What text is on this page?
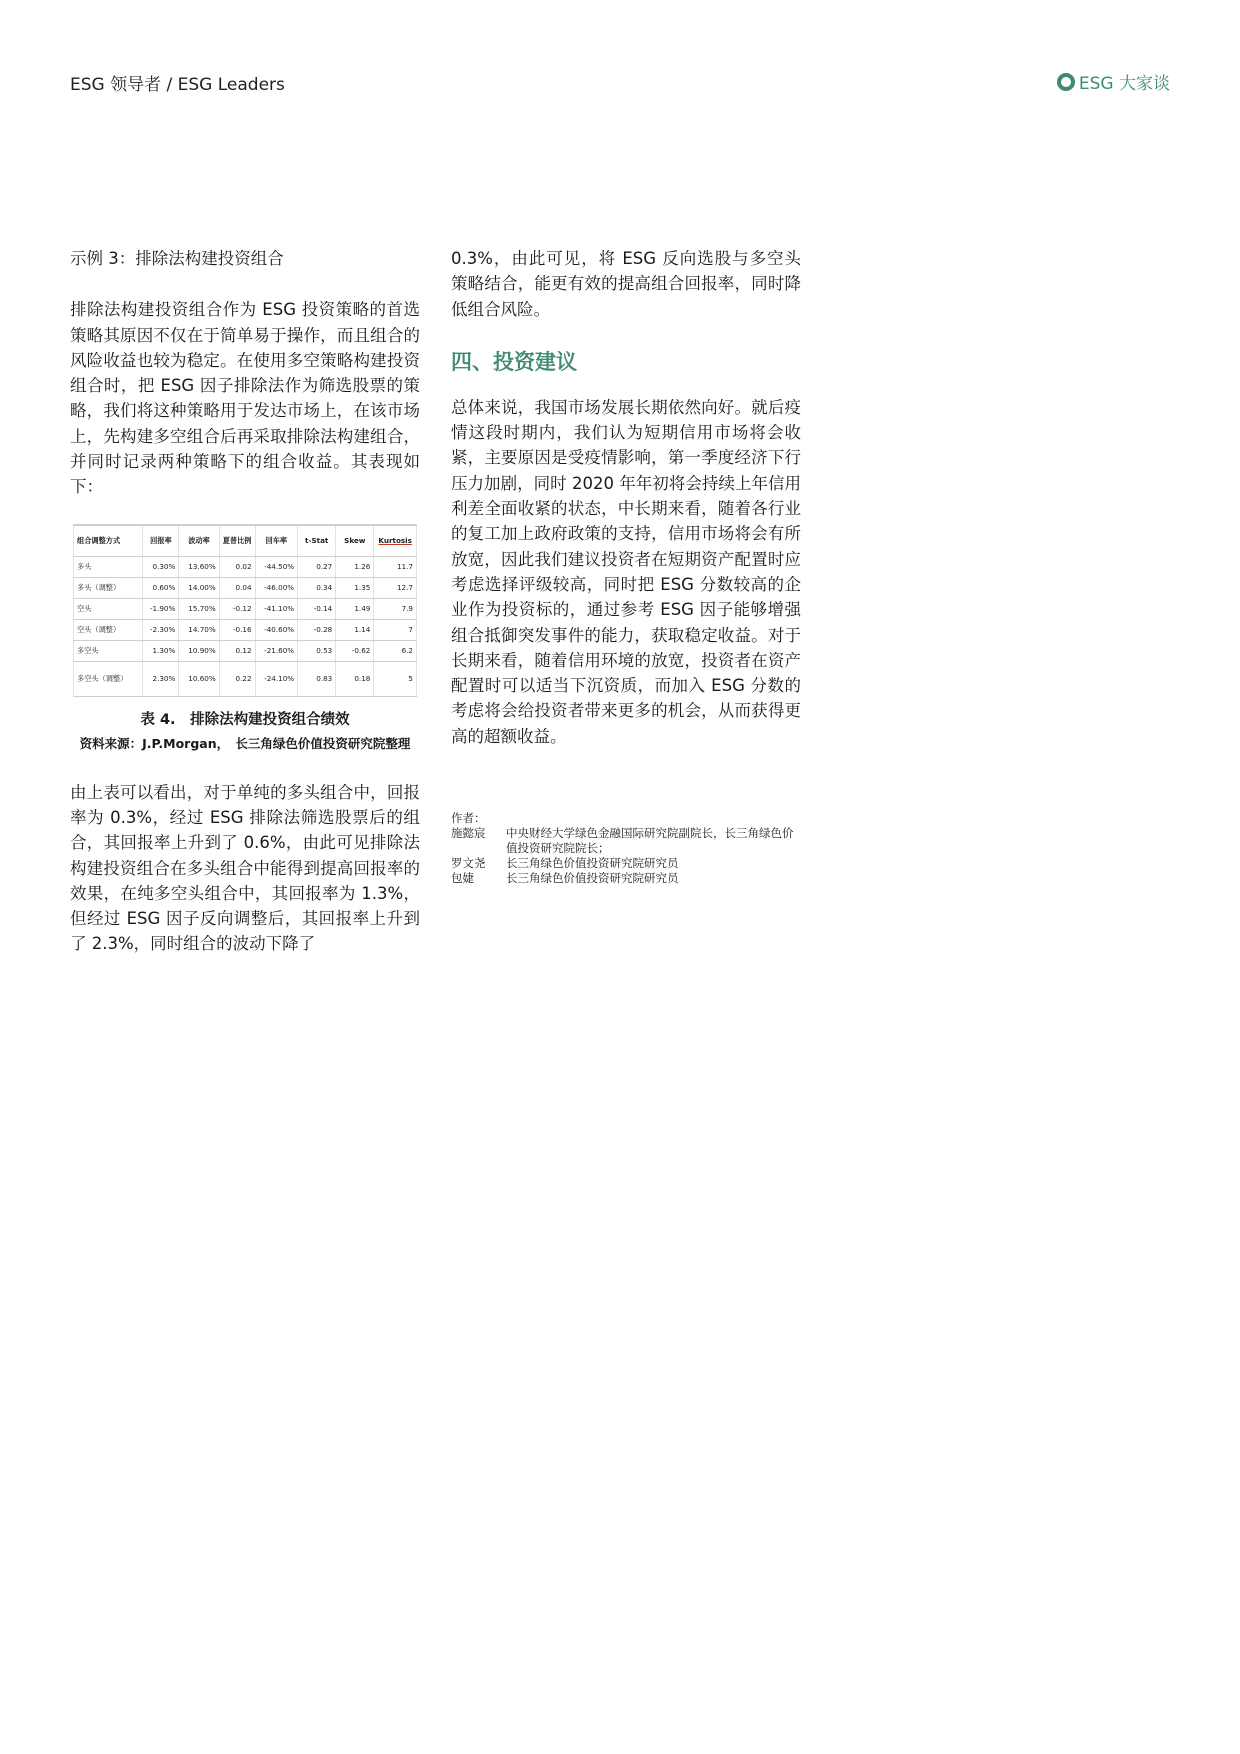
ESG 领导者 / ESG Leaders	ESG 大家谈
示例 3：排除法构建投资组合

排除法构建投资组合作为 ESG 投资策略的首选策略其原因不仅在于简单易于操作，而且组合的风险收益也较为稳定。在使用多空策略构建投资组合时，把 ESG 因子排除法作为筛选股票的策略，我们将这种策略用于发达市场上，在该市场上，先构建多空组合后再采取排除法构建组合，并同时记录两种策略下的组合收益。其表现如下：

组合调整方式	回报率	波动率	夏普比例	回车率	t-Stat	Skew	Kurtosis
多头	0.30%	13.60%	0.02	-44.50%	0.27	1.26	11.7
多头（调整）	0.60%	14.00%	0.04	-46.00%	0.34	1.35	12.7
空头	-1.90%	15.70%	-0.12	-41.10%	-0.14	1.49	7.9
空头（调整）	-2.30%	14.70%	-0.16	-40.60%	-0.28	1.14	7
多空头	1.30%	10.90%	0.12	-21.60%	0.53	-0.62	6.2
多空头（调整）	2.30%	10.60%	0.22	-24.10%	0.83	0.18	5
表 4.　排除法构建投资组合绩效
资料来源：J.P.Morgan，　长三角绿色价值投资研究院整理

由上表可以看出，对于单纯的多头组合中，回报率为 0.3%，经过 ESG 排除法筛选股票后的组合，其回报率上升到了 0.6%，由此可见排除法构建投资组合在多头组合中能得到提高回报率的效果，在纯多空头组合中，其回报率为 1.3%，但经过 ESG 因子反向调整后，其回报率上升到了 2.3%，同时组合的波动下降了

0.3%，由此可见，将 ESG 反向选股与多空头策略结合，能更有效的提高组合回报率，同时降低组合风险。

四、投资建议

总体来说，我国市场发展长期依然向好。就后疫情这段时期内，我们认为短期信用市场将会收紧，主要原因是受疫情影响，第一季度经济下行压力加剧，同时 2020 年年初将会持续上年信用利差全面收紧的状态，中长期来看，随着各行业的复工加上政府政策的支持，信用市场将会有所放宽，因此我们建议投资者在短期资产配置时应考虑选择评级较高，同时把 ESG 分数较高的企业作为投资标的，通过参考 ESG 因子能够增强组合抵御突发事件的能力，获取稳定收益。对于长期来看，随着信用环境的放宽，投资者在资产配置时可以适当下沉资质，而加入 ESG 分数的考虑将会给投资者带来更多的机会，从而获得更高的超额收益。

作者：
施懿宸	中央财经大学绿色金融国际研究院副院长，长三角绿色价值投资研究院院长；
罗文尧	长三角绿色价值投资研究院研究员
包婕	长三角绿色价值投资研究院研究员
